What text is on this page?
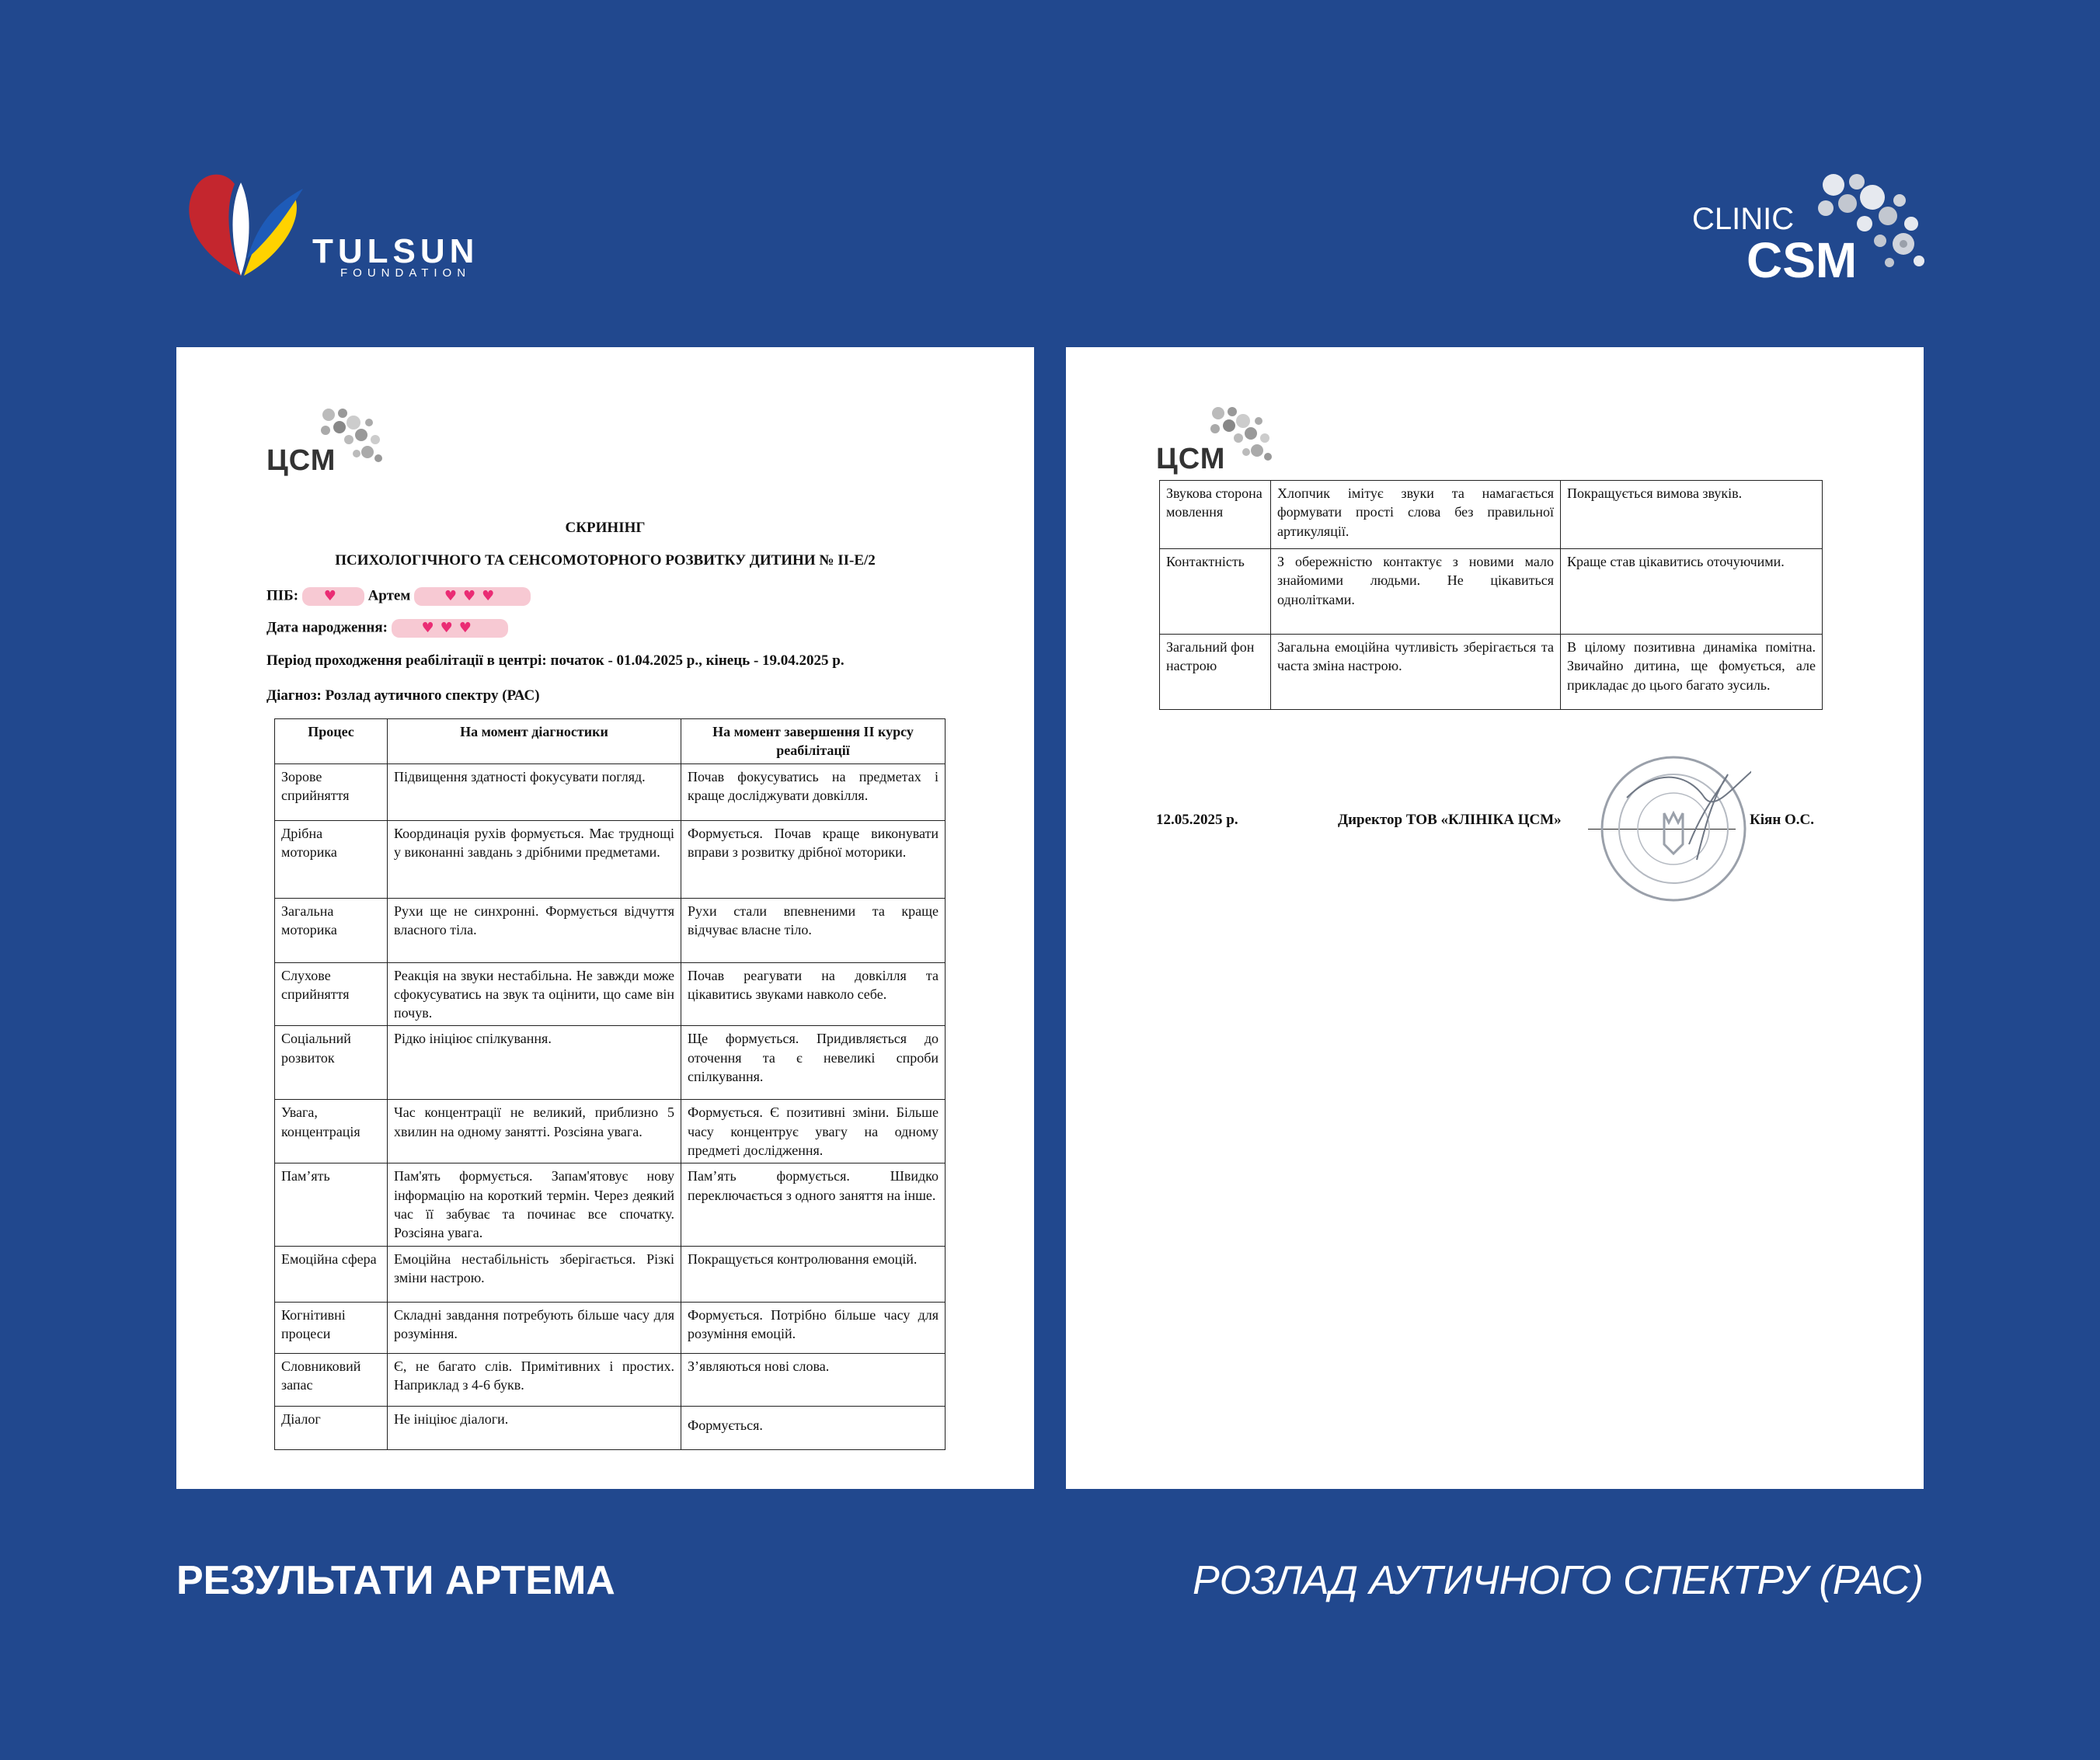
TULSUN
FOUNDATION
CLINIC
CSM
ЦСМ
СКРИНІНГ
ПСИХОЛОГІЧНОГО ТА СЕНСОМОТОРНОГО РОЗВИТКУ ДИТИНИ № ІІ-Е/2
ПІБ: ♥ Артем ♥♥♥
Дата народження: ♥♥♥
Період проходження реабілітації в центрі: початок - 01.04.2025 р., кінець - 19.04.2025 р.
Діагноз: Розлад аутичного спектру (РАС)
Процес	На момент діагностики	На момент завершення ІІ курсу реабілітації
Зорове сприйняття	Підвищення здатності фокусувати погляд.	Почав фокусуватись на предметах і краще досліджувати довкілля.
Дрібна моторика	Координація рухів формується. Має труднощі у виконанні завдань з дрібними предметами.	Формується. Почав краще виконувати вправи з розвитку дрібної моторики.
Загальна моторика	Рухи ще не синхронні. Формується відчуття власного тіла.	Рухи стали впевненими та краще відчуває власне тіло.
Слухове сприйняття	Реакція на звуки нестабільна. Не завжди може сфокусуватись на звук та оцінити, що саме він почув.	Почав реагувати на довкілля та цікавитись звуками навколо себе.
Соціальний розвиток	Рідко ініціює спілкування.	Ще формується. Придивляється до оточення та є невеликі спроби спілкування.
Увага, концентрація	Час концентрації не великий, приблизно 5 хвилин на одному занятті. Розсіяна увага.	Формується. Є позитивні зміни. Більше часу концентрує увагу на одному предметі дослідження.
Пам’ять	Пам'ять формується. Запам'ятовує нову інформацію на короткий термін. Через деякий час її забуває та починає все спочатку. Розсіяна увага.	Пам’ять формується. Швидко переключається з одного заняття на інше.
Емоційна сфера	Емоційна нестабільність зберігається. Різкі зміни настрою.	Покращується контролювання емоцій.
Когнітивні процеси	Складні завдання потребують більше часу для розуміння.	Формується. Потрібно більше часу для розуміння емоцій.
Словниковий запас	Є, не багато слів. Примітивних і простих. Наприклад з 4-6 букв.	З’являються нові слова.
Діалог	Не ініціює діалоги.	Формується.
ЦСМ
Звукова сторона мовлення	Хлопчик імітує звуки та намагається формувати прості слова без правильної артикуляції.	Покращується вимова звуків.
Контактність	З обережністю контактує з новими мало знайомими людьми. Не цікавиться однолітками.	Краще став цікавитись оточуючими.
Загальний фон настрою	Загальна емоційна чутливість зберігається та часта зміна настрою.	В цілому позитивна динаміка помітна. Звичайно дитина, ще фомується, але прикладає до цього багато зусиль.
12.05.2025 р.	Директор ТОВ «КЛІНІКА ЦСМ»	Кіян О.С.
РЕЗУЛЬТАТИ АРТЕМА	РОЗЛАД АУТИЧНОГО СПЕКТРУ (РАС)
